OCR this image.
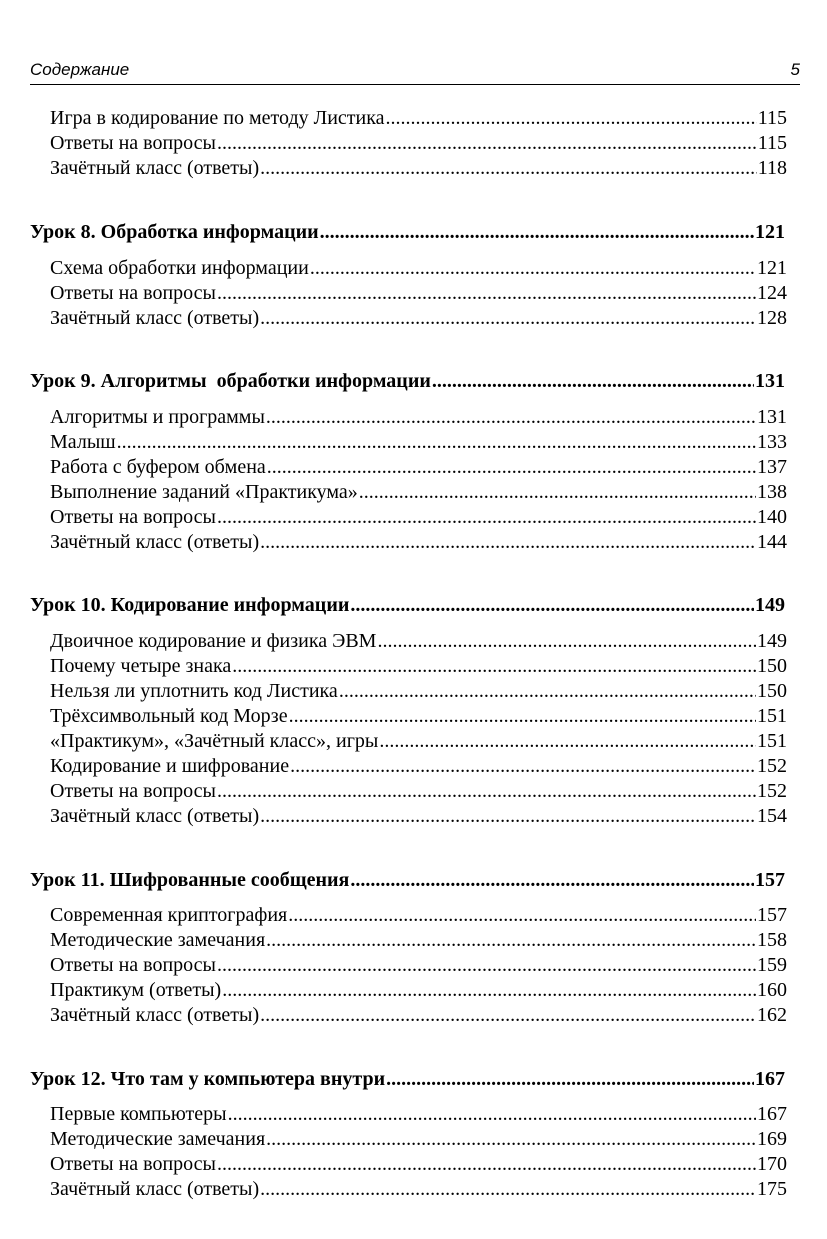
Содержание	5
Игра в кодирование по методу Листика .....	115
Ответы на вопросы .....	115
Зачётный класс (ответы) .....	118
Урок 8. Обработка информации .....	121
Схема обработки информации .....	121
Ответы на вопросы .....	124
Зачётный класс (ответы) .....	128
Урок 9. Алгоритмы  обработки информации .....	131
Алгоритмы и программы .....	131
Малыш .....	133
Работа с буфером обмена .....	137
Выполнение заданий «Практикума» .....	138
Ответы на вопросы .....	140
Зачётный класс (ответы) .....	144
Урок 10. Кодирование информации .....	149
Двоичное кодирование и физика ЭВМ .....	149
Почему четыре знака .....	150
Нельзя ли уплотнить код Листика .....	150
Трёхсимвольный код Морзе .....	151
«Практикум», «Зачётный класс», игры .....	151
Кодирование и шифрование .....	152
Ответы на вопросы .....	152
Зачётный класс (ответы) .....	154
Урок 11. Шифрованные сообщения .....	157
Современная криптография .....	157
Методические замечания .....	158
Ответы на вопросы .....	159
Практикум (ответы) .....	160
Зачётный класс (ответы) .....	162
Урок 12. Что там у компьютера внутри .....	167
Первые компьютеры .....	167
Методические замечания .....	169
Ответы на вопросы .....	170
Зачётный класс (ответы) .....	175
